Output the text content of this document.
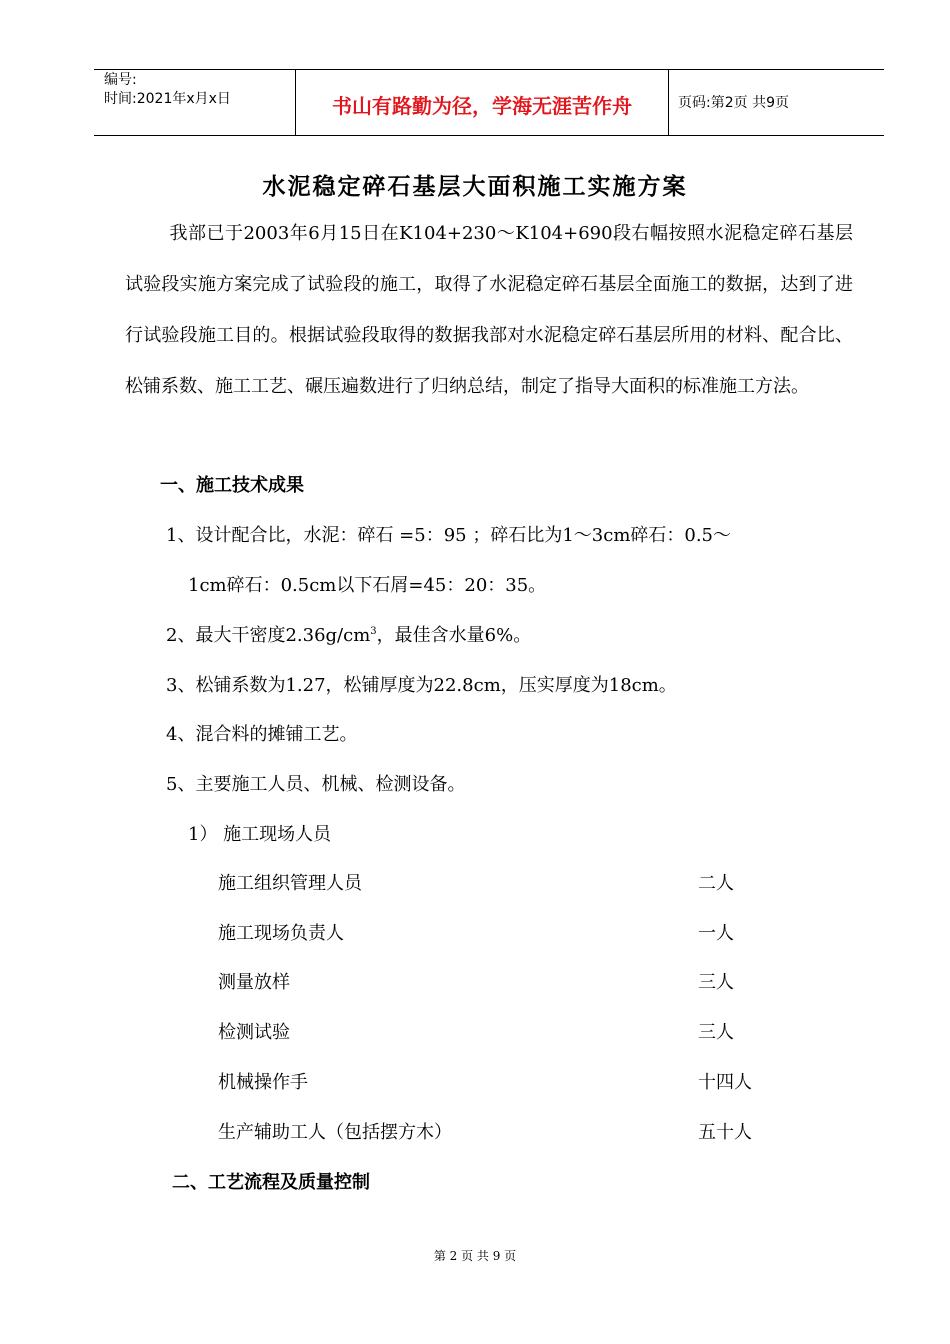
编号:
时间:2021年x月x日	书山有路勤为径，学海无涯苦作舟	页码:第2页 共9页
水泥稳定碎石基层大面积施工实施方案
我部已于2003年6月15日在K104+230～K104+690段右幅按照水泥稳定碎石基层试验段实施方案完成了试验段的施工，取得了水泥稳定碎石基层全面施工的数据，达到了进行试验段施工目的。根据试验段取得的数据我部对水泥稳定碎石基层所用的材料、配合比、松铺系数、施工工艺、碾压遍数进行了归纳总结，制定了指导大面积的标准施工方法。
一、施工技术成果
1、设计配合比，水泥：碎石 =5：95 ；碎石比为1～3cm碎石：0.5～
1cm碎石：0.5cm以下石屑=45：20：35。
2、最大干密度$2.36g/cm^3$，最佳含水量6%。
3、松铺系数为1.27，松铺厚度为22.8cm，压实厚度为18cm。
4、混合料的摊铺工艺。
5、主要施工人员、机械、检测设备。
1） 施工现场人员
施工组织管理人员	二人
施工现场负责人	一人
测量放样	三人
检测试验	三人
机械操作手	十四人
生产辅助工人（包括摆方木）	五十人
二、工艺流程及质量控制
第 2 页 共 9 页
